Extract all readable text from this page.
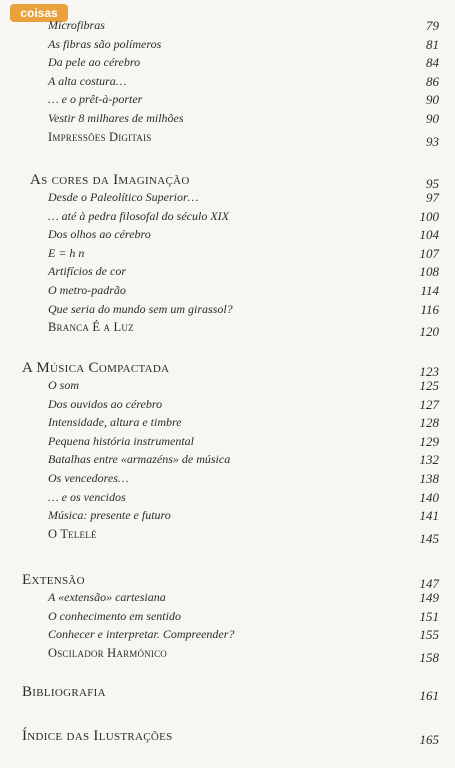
coisas
Microfibras	79
As fibras são polímeros	81
Da pele ao cérebro	84
A alta costura…	86
… e o prêt-à-porter	90
Vestir 8 milhares de milhões	90
Impressões Digitais	93
As cores da Imaginação	95
Desde o Paleolítico Superior…	97
… até à pedra filosofal do século XIX	100
Dos olhos ao cérebro	104
E = h n	107
Artifícios de cor	108
O metro-padrão	114
Que seria do mundo sem um girassol?	116
Branca É a Luz	120
A Música Compactada	123
O som	125
Dos ouvidos ao cérebro	127
Intensidade, altura e timbre	128
Pequena história instrumental	129
Batalhas entre «armazéns» de música	132
Os vencedores…	138
… e os vencidos	140
Música: presente e futuro	141
O Telelé	145
Extensão	147
A «extensão» cartesiana	149
O conhecimento em sentido	151
Conhecer e interpretar. Compreender?	155
Oscilador Harmónico	158
Bibliografia	161
Índice das Ilustrações	165
